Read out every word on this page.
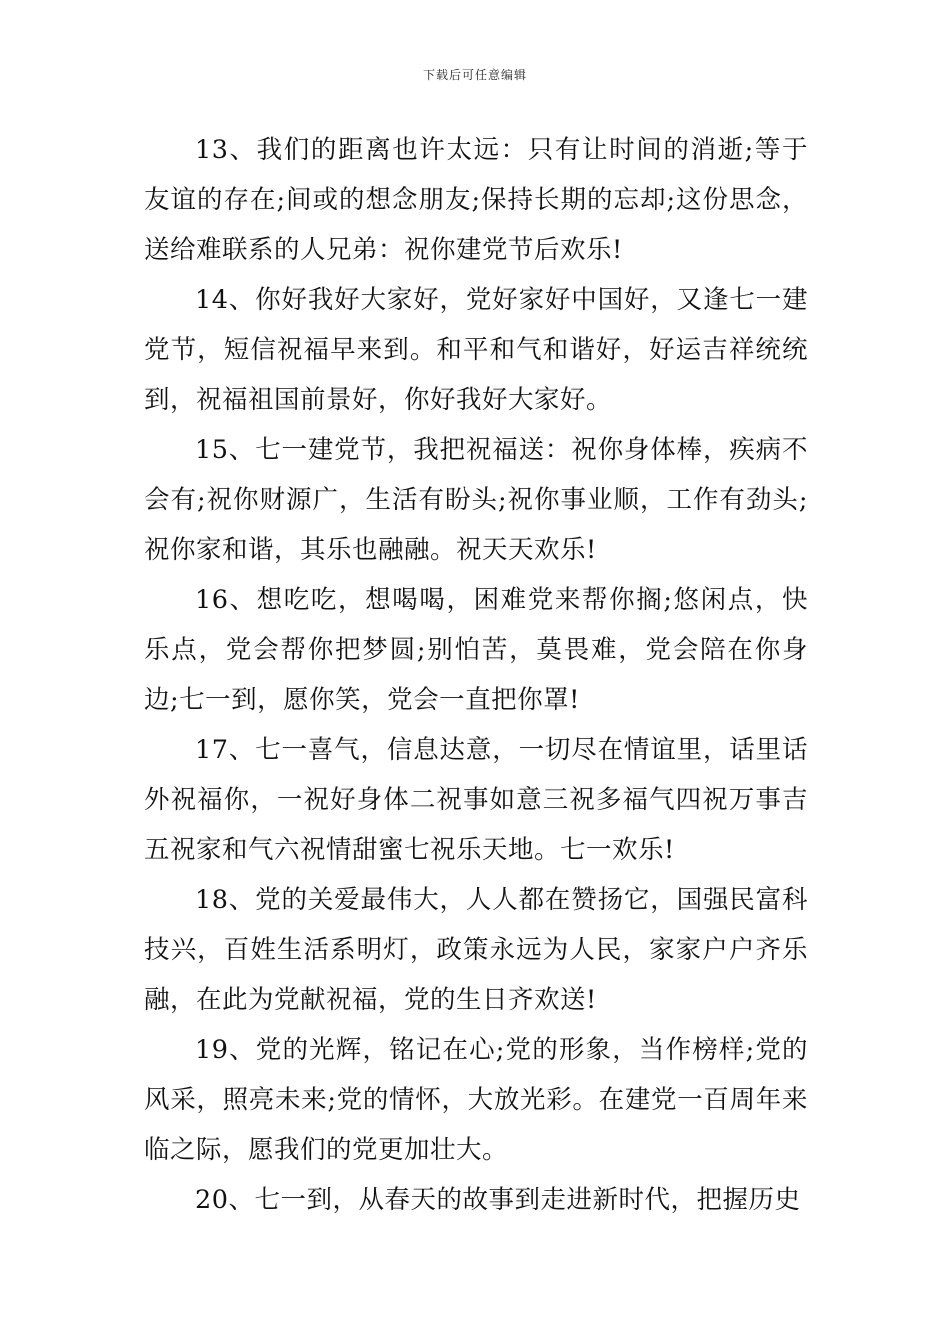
下载后可任意编辑

13、我们的距离也许太远：只有让时间的消逝;等于友谊的存在;间或的想念朋友;保持长期的忘却;这份思念，送给难联系的人兄弟：祝你建党节后欢乐!

14、你好我好大家好，党好家好中国好，又逢七一建党节，短信祝福早来到。和平和气和谐好，好运吉祥统统到，祝福祖国前景好，你好我好大家好。

15、七一建党节，我把祝福送：祝你身体棒，疾病不会有;祝你财源广，生活有盼头;祝你事业顺，工作有劲头;祝你家和谐，其乐也融融。祝天天欢乐!

16、想吃吃，想喝喝，困难党来帮你搁;悠闲点，快乐点，党会帮你把梦圆;别怕苦，莫畏难，党会陪在你身边;七一到，愿你笑，党会一直把你罩!

17、七一喜气，信息达意，一切尽在情谊里，话里话外祝福你，一祝好身体二祝事如意三祝多福气四祝万事吉五祝家和气六祝情甜蜜七祝乐天地。七一欢乐!

18、党的关爱最伟大，人人都在赞扬它，国强民富科技兴，百姓生活系明灯，政策永远为人民，家家户户齐乐融，在此为党献祝福，党的生日齐欢送!

19、党的光辉，铭记在心;党的形象，当作榜样;党的风采，照亮未来;党的情怀，大放光彩。在建党一百周年来临之际，愿我们的党更加壮大。

20、七一到，从春天的故事到走进新时代，把握历史
